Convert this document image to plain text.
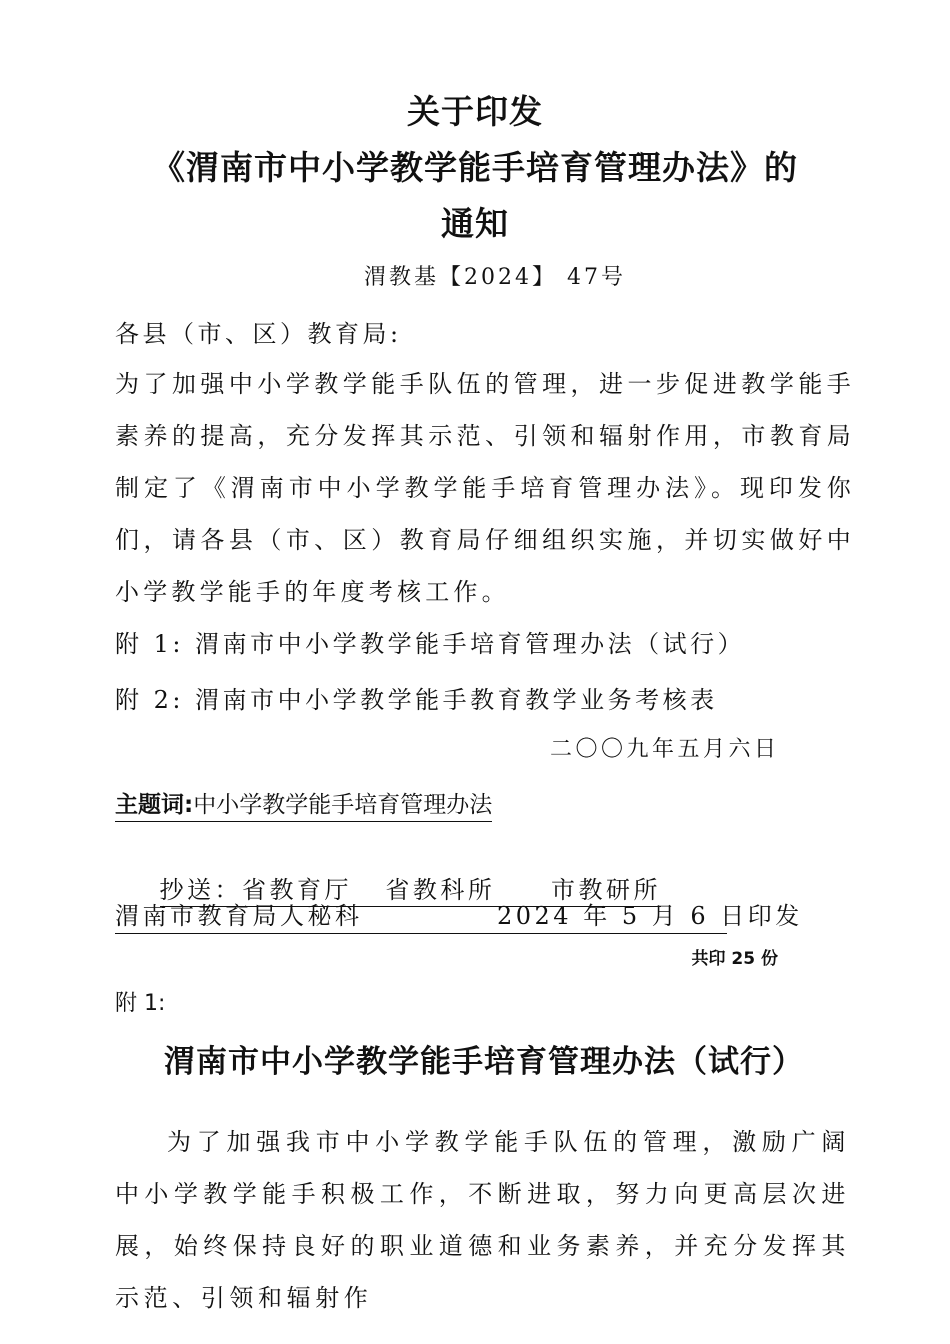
关于印发
《渭南市中小学教学能手培育管理办法》的
通知
渭教基【2024】 47号
各县（市、区）教育局:
为了加强中小学教学能手队伍的管理，进一步促进教学能手素养的提高，充分发挥其示范、引领和辐射作用，市教育局制定了《渭南市中小学教学能手培育管理办法》。现印发你们，请各县（市、区）教育局仔细组织实施，并切实做好中小学教学能手的年度考核工作。
附 1: 渭南市中小学教学能手培育管理办法（试行）
附 2: 渭南市中小学教学能手教育教学业务考核表
二〇〇九年五月六日
主题词:中小学教学能手培育管理办法

抄送：省教育厅   省教科所     市教研所

渭南市教育局人秘科	2024 年 5 月 6 日印发
共印 25 份
附 1:
渭南市中小学教学能手培育管理办法（试行）
为了加强我市中小学教学能手队伍的管理，激励广阔中小学教学能手积极工作，不断进取，努力向更高层次进展，始终保持良好的职业道德和业务素养，并充分发挥其示范、引领和辐射作
